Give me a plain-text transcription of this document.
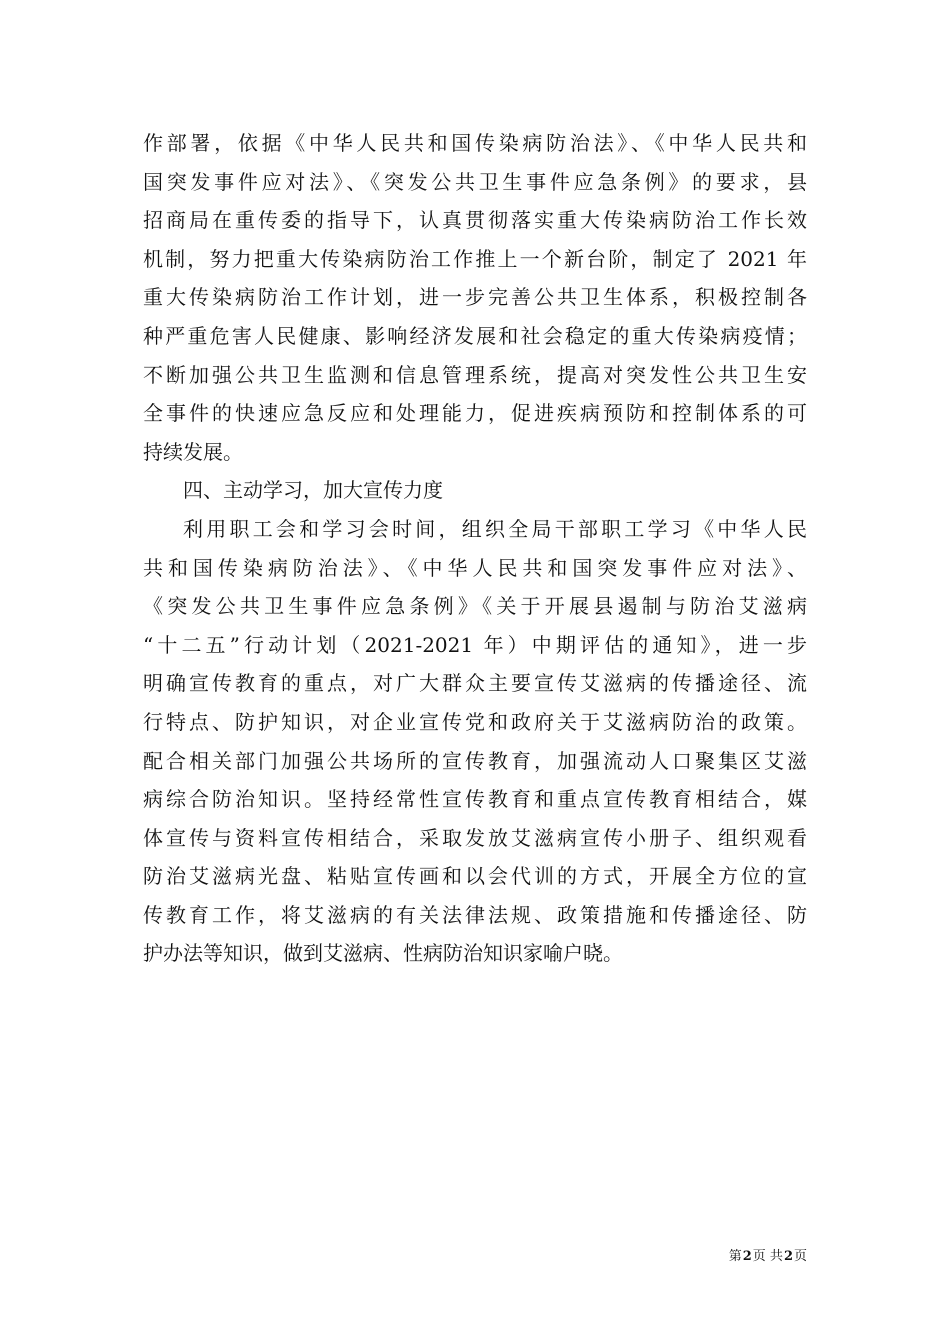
作部署，依据《中华人民共和国传染病防治法》、《中华人民共和
国突发事件应对法》、《突发公共卫生事件应急条例》的要求，县
招商局在重传委的指导下，认真贯彻落实重大传染病防治工作长效
机制，努力把重大传染病防治工作推上一个新台阶，制定了 2021 年
重大传染病防治工作计划，进一步完善公共卫生体系，积极控制各
种严重危害人民健康、影响经济发展和社会稳定的重大传染病疫情；
不断加强公共卫生监测和信息管理系统，提高对突发性公共卫生安
全事件的快速应急反应和处理能力，促进疾病预防和控制体系的可
持续发展。
四、主动学习，加大宣传力度
利用职工会和学习会时间，组织全局干部职工学习《中华人民
共和国传染病防治法》、《中华人民共和国突发事件应对法》、
《突发公共卫生事件应急条例》《关于开展县遏制与防治艾滋病
“十二五”行动计划（2021-2021 年）中期评估的通知》，进一步
明确宣传教育的重点，对广大群众主要宣传艾滋病的传播途径、流
行特点、防护知识，对企业宣传党和政府关于艾滋病防治的政策。
配合相关部门加强公共场所的宣传教育，加强流动人口聚集区艾滋
病综合防治知识。坚持经常性宣传教育和重点宣传教育相结合，媒
体宣传与资料宣传相结合，采取发放艾滋病宣传小册子、组织观看
防治艾滋病光盘、粘贴宣传画和以会代训的方式，开展全方位的宣
传教育工作，将艾滋病的有关法律法规、政策措施和传播途径、防
护办法等知识，做到艾滋病、性病防治知识家喻户晓。
第2页 共2页
